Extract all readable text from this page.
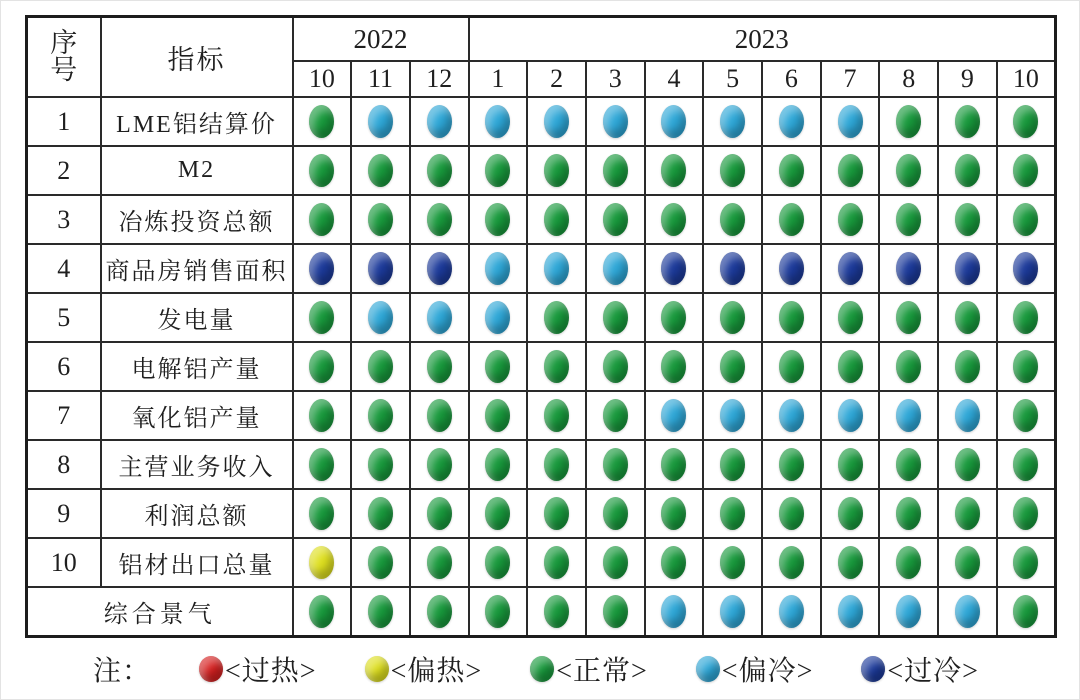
序
号	指标	2022			2023									
		10	11	12	1	2	3	4	5	6	7	8	9	10
1	LME铝结算价													
2	M2													
3	冶炼投资总额													
4	商品房销售面积													
5	发电量													
6	电解铝产量													
7	氧化铝产量													
8	主营业务收入													
9	利润总额													
10	铝材出口总量													
综合景气														
注：	<过热>	<偏热>	<正常>	<偏冷>	<过冷>
